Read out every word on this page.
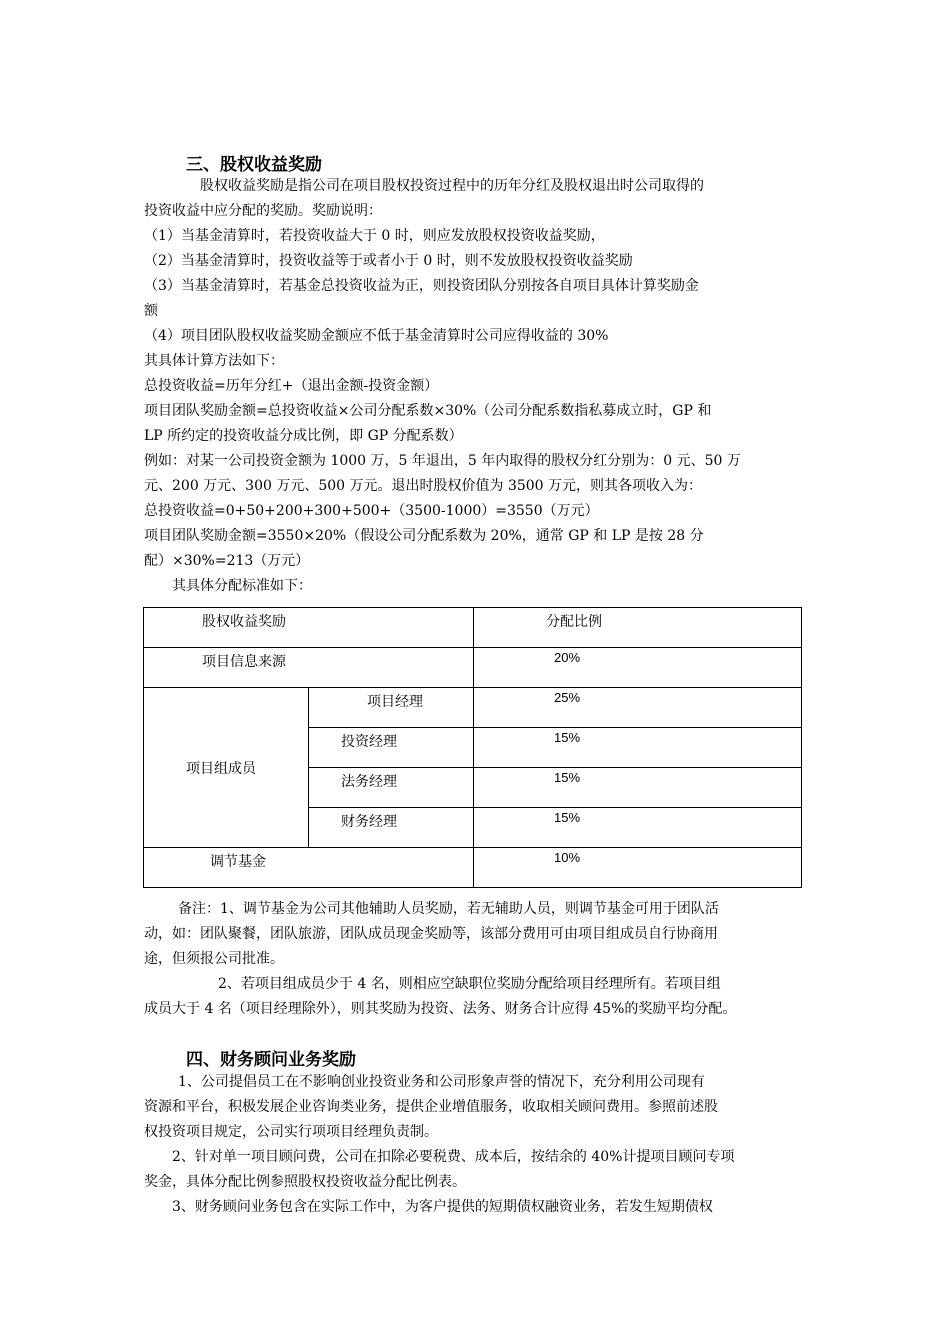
三、股权收益奖励
股权收益奖励是指公司在项目股权投资过程中的历年分红及股权退出时公司取得的
投资收益中应分配的奖励。奖励说明：
（1）当基金清算时，若投资收益大于 0 时，则应发放股权投资收益奖励，
（2）当基金清算时，投资收益等于或者小于 0 时，则不发放股权投资收益奖励
（3）当基金清算时，若基金总投资收益为正，则投资团队分别按各自项目具体计算奖励金
额
（4）项目团队股权收益奖励金额应不低于基金清算时公司应得收益的 30%
其具体计算方法如下：
总投资收益=历年分红+（退出金额-投资金额）
项目团队奖励金额=总投资收益×公司分配系数×30%（公司分配系数指私募成立时，GP 和
LP 所约定的投资收益分成比例，即 GP 分配系数）
例如：对某一公司投资金额为 1000 万，5 年退出，5 年内取得的股权分红分别为：0 元、50 万
元、200 万元、300 万元、500 万元。退出时股权价值为 3500 万元，则其各项收入为：
总投资收益=0+50+200+300+500+（3500-1000）=3550（万元）
项目团队奖励金额=3550×20%（假设公司分配系数为 20%，通常 GP 和 LP 是按 28 分
配）×30%=213（万元）
其具体分配标准如下：
股权收益奖励		分配比例

项目信息来源		20%

项目组成员	项目经理	25%

	投资经理	15%

	法务经理	15%

	财务经理	15%

调节基金		10%
备注：1、调节基金为公司其他辅助人员奖励，若无辅助人员，则调节基金可用于团队活
动，如：团队聚餐，团队旅游，团队成员现金奖励等，该部分费用可由项目组成员自行协商用
途，但须报公司批准。
2、若项目组成员少于 4 名，则相应空缺职位奖励分配给项目经理所有。若项目组
成员大于 4 名（项目经理除外），则其奖励为投资、法务、财务合计应得 45%的奖励平均分配。
四、财务顾问业务奖励
1、公司提倡员工在不影响创业投资业务和公司形象声誉的情况下，充分利用公司现有
资源和平台，积极发展企业咨询类业务，提供企业增值服务，收取相关顾问费用。参照前述股
权投资项目规定，公司实行项项目经理负责制。
2、针对单一项目顾问费，公司在扣除必要税费、成本后，按结余的 40%计提项目顾问专项
奖金，具体分配比例参照股权投资收益分配比例表。
3、财务顾问业务包含在实际工作中，为客户提供的短期债权融资业务，若发生短期债权
